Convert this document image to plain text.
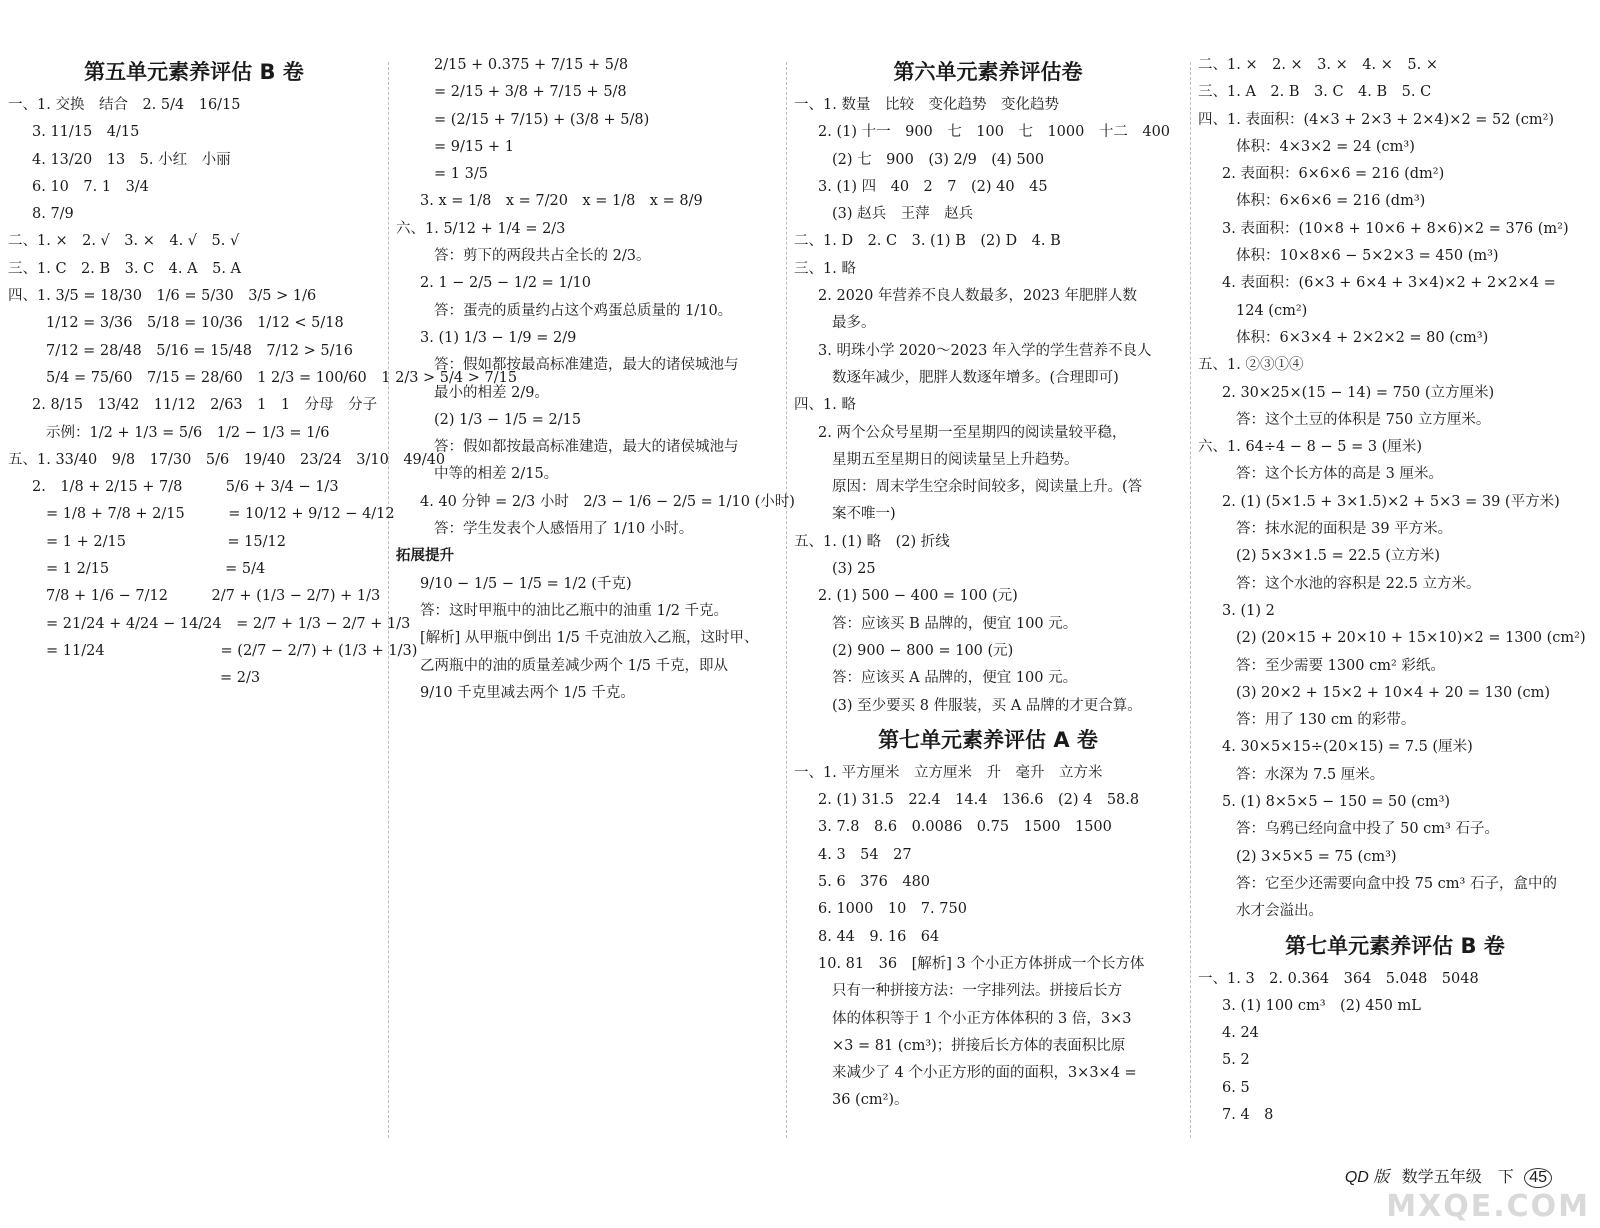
第五单元素养评估 B 卷
一、1. 交换　结合　2. 5/4　16/15
3. 11/15　4/15
4. 13/20　13　5. 小红　小丽
6. 10　7. 1　3/4
8. 7/9
二、1. ×　2. √　3. ×　4. √　5. √
三、1. C　2. B　3. C　4. A　5. A
四、1. 3/5 = 18/30　1/6 = 5/30　3/5 > 1/6
1/12 = 3/36　5/18 = 10/36　1/12 < 5/18
7/12 = 28/48　5/16 = 15/48　7/12 > 5/16
5/4 = 75/60　7/15 = 28/60　1 2/3 = 100/60　1 2/3 > 5/4 > 7/15
2. 8/15　13/42　11/12　2/63　1　1　分母　分子
示例：1/2 + 1/3 = 5/6　1/2 − 1/3 = 1/6
五、1. 33/40　9/8　17/30　5/6　19/40　23/24　3/10　49/40
2.　1/8 + 2/15 + 7/8　　　5/6 + 3/4 − 1/3
= 1/8 + 7/8 + 2/15　　　= 10/12 + 9/12 − 4/12
= 1 + 2/15　　　　　　　= 15/12
= 1 2/15　　　　　　　　= 5/4
7/8 + 1/6 − 7/12　　　2/7 + (1/3 − 2/7) + 1/3
= 21/24 + 4/24 − 14/24　= 2/7 + 1/3 − 2/7 + 1/3
= 11/24　　　　　　　　= (2/7 − 2/7) + (1/3 + 1/3)
　　　　　　　　　　　　= 2/3
2/15 + 0.375 + 7/15 + 5/8
= 2/15 + 3/8 + 7/15 + 5/8
= (2/15 + 7/15) + (3/8 + 5/8)
= 9/15 + 1
= 1 3/5
3. x = 1/8　x = 7/20　x = 1/8　x = 8/9
六、1. 5/12 + 1/4 = 2/3
答：剪下的两段共占全长的 2/3。
2. 1 − 2/5 − 1/2 = 1/10
答：蛋壳的质量约占这个鸡蛋总质量的 1/10。
3. (1) 1/3 − 1/9 = 2/9
答：假如都按最高标准建造，最大的诸侯城池与
最小的相差 2/9。
(2) 1/3 − 1/5 = 2/15
答：假如都按最高标准建造，最大的诸侯城池与
中等的相差 2/15。
4. 40 分钟 = 2/3 小时　2/3 − 1/6 − 2/5 = 1/10 (小时)
答：学生发表个人感悟用了 1/10 小时。
拓展提升
9/10 − 1/5 − 1/5 = 1/2 (千克)
答：这时甲瓶中的油比乙瓶中的油重 1/2 千克。
[解析] 从甲瓶中倒出 1/5 千克油放入乙瓶，这时甲、
乙两瓶中的油的质量差减少两个 1/5 千克，即从
9/10 千克里减去两个 1/5 千克。
第六单元素养评估卷
一、1. 数量　比较　变化趋势　变化趋势
2. (1) 十一　900　七　100　七　1000　十二　400
(2) 七　900　(3) 2/9　(4) 500
3. (1) 四　40　2　7　(2) 40　45
(3) 赵兵　王萍　赵兵
二、1. D　2. C　3. (1) B　(2) D　4. B
三、1. 略
2. 2020 年营养不良人数最多，2023 年肥胖人数
最多。
3. 明珠小学 2020～2023 年入学的学生营养不良人
数逐年减少，肥胖人数逐年增多。(合理即可)
四、1. 略
2. 两个公众号星期一至星期四的阅读量较平稳，
星期五至星期日的阅读量呈上升趋势。
原因：周末学生空余时间较多，阅读量上升。(答
案不唯一)
五、1. (1) 略　(2) 折线
(3) 25
2. (1) 500 − 400 = 100 (元)
答：应该买 B 品牌的，便宜 100 元。
(2) 900 − 800 = 100 (元)
答：应该买 A 品牌的，便宜 100 元。
(3) 至少要买 8 件服装，买 A 品牌的才更合算。
第七单元素养评估 A 卷
一、1. 平方厘米　立方厘米　升　毫升　立方米
2. (1) 31.5　22.4　14.4　136.6　(2) 4　58.8
3. 7.8　8.6　0.0086　0.75　1500　1500
4. 3　54　27
5. 6　376　480
6. 1000　10　7. 750
8. 44　9. 16　64
10. 81　36　[解析] 3 个小正方体拼成一个长方体
只有一种拼接方法：一字排列法。拼接后长方
体的体积等于 1 个小正方体体积的 3 倍，3×3
×3 = 81 (cm³)；拼接后长方体的表面积比原
来减少了 4 个小正方形的面的面积，3×3×4 =
36 (cm²)。
二、1. ×　2. ×　3. ×　4. ×　5. ×
三、1. A　2. B　3. C　4. B　5. C
四、1. 表面积：(4×3 + 2×3 + 2×4)×2 = 52 (cm²)
体积：4×3×2 = 24 (cm³)
2. 表面积：6×6×6 = 216 (dm²)
体积：6×6×6 = 216 (dm³)
3. 表面积：(10×8 + 10×6 + 8×6)×2 = 376 (m²)
体积：10×8×6 − 5×2×3 = 450 (m³)
4. 表面积：(6×3 + 6×4 + 3×4)×2 + 2×2×4 =
124 (cm²)
体积：6×3×4 + 2×2×2 = 80 (cm³)
五、1. ②③①④
2. 30×25×(15 − 14) = 750 (立方厘米)
答：这个土豆的体积是 750 立方厘米。
六、1. 64÷4 − 8 − 5 = 3 (厘米)
答：这个长方体的高是 3 厘米。
2. (1) (5×1.5 + 3×1.5)×2 + 5×3 = 39 (平方米)
答：抹水泥的面积是 39 平方米。
(2) 5×3×1.5 = 22.5 (立方米)
答：这个水池的容积是 22.5 立方米。
3. (1) 2
(2) (20×15 + 20×10 + 15×10)×2 = 1300 (cm²)
答：至少需要 1300 cm² 彩纸。
(3) 20×2 + 15×2 + 10×4 + 20 = 130 (cm)
答：用了 130 cm 的彩带。
4. 30×5×15÷(20×15) = 7.5 (厘米)
答：水深为 7.5 厘米。
5. (1) 8×5×5 − 150 = 50 (cm³)
答：乌鸦已经向盒中投了 50 cm³ 石子。
(2) 3×5×5 = 75 (cm³)
答：它至少还需要向盒中投 75 cm³ 石子，盒中的
水才会溢出。
第七单元素养评估 B 卷
一、1. 3　2. 0.364　364　5.048　5048
3. (1) 100 cm³　(2) 450 mL
4. 24
5. 2
6. 5
7. 4　8
QD 版 数学五年级　下 45
MXQE.COM
